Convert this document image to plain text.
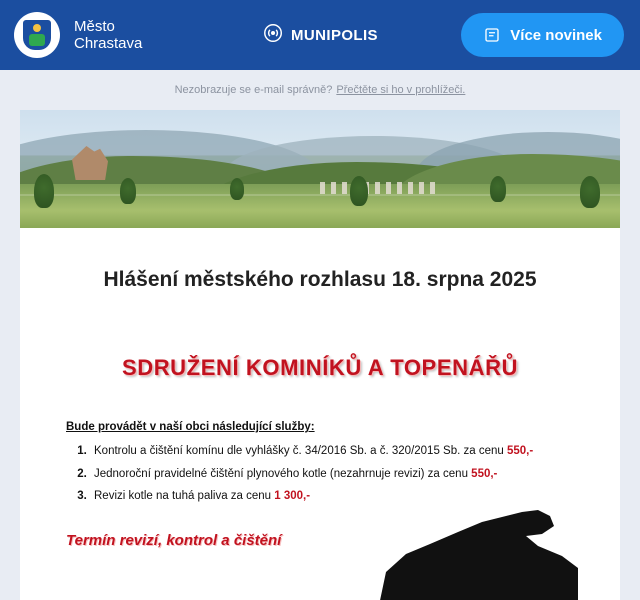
Město
Chrastava	MUNIPOLIS	Více novinek
Nezobrazuje se e-mail správně? Přečtěte si ho v prohlížeči.
Hlášení městského rozhlasu 18. srpna 2025
SDRUŽENÍ KOMINÍKŮ A TOPENÁŘŮ
Bude provádět v naší obci následující služby:
1. Kontrolu a čištění komínu dle vyhlášky č. 34/2016 Sb. a č. 320/2015 Sb. za cenu 550,-
2. Jednoroční pravidelné čištění plynového kotle (nezahrnuje revizi) za cenu 550,-
3. Revizi kotle na tuhá paliva za cenu 1 300,-
Termín revizí, kontrol a čištění
